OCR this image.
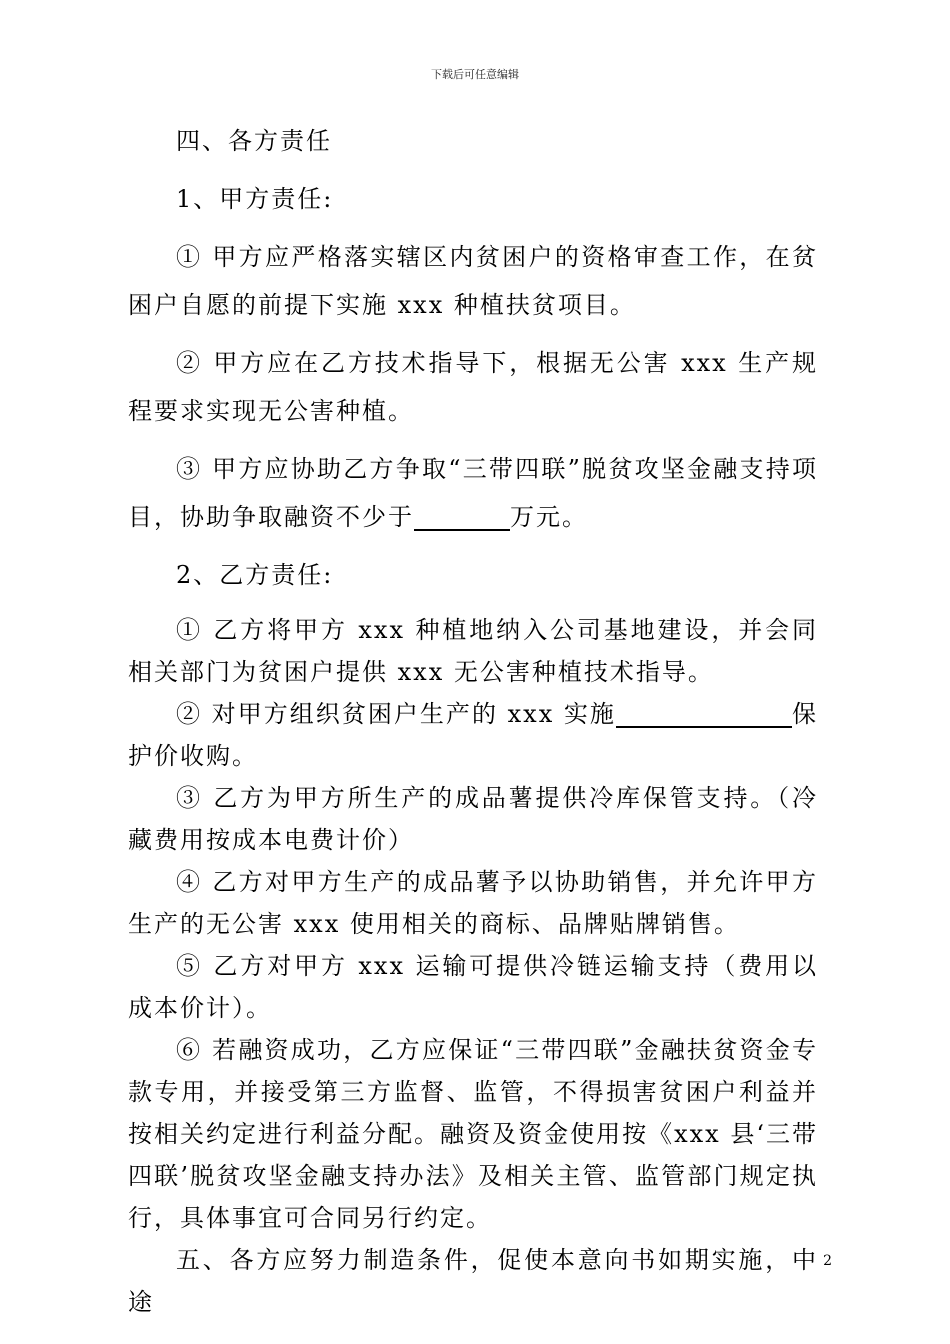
下载后可任意编辑

四、各方责任

1、甲方责任:

① 甲方应严格落实辖区内贫困户的资格审查工作，在贫困户自愿的前提下实施 xxx 种植扶贫项目。

② 甲方应在乙方技术指导下，根据无公害 xxx 生产规程要求实现无公害种植。

③ 甲方应协助乙方争取“三带四联”脱贫攻坚金融支持项目，协助争取融资不少于	万元。

2、乙方责任:

① 乙方将甲方 xxx 种植地纳入公司基地建设，并会同相关部门为贫困户提供 xxx 无公害种植技术指导。

② 对甲方组织贫困户生产的 xxx 实施	保护价收购。

③ 乙方为甲方所生产的成品薯提供冷库保管支持。（冷藏费用按成本电费计价）

④ 乙方对甲方生产的成品薯予以协助销售，并允许甲方生产的无公害 xxx 使用相关的商标、品牌贴牌销售。

⑤ 乙方对甲方 xxx 运输可提供冷链运输支持（费用以成本价计）。

⑥ 若融资成功，乙方应保证“三带四联”金融扶贫资金专款专用，并接受第三方监督、监管，不得损害贫困户利益并按相关约定进行利益分配。融资及资金使用按《xxx 县‘三带四联’脱贫攻坚金融支持办法》及相关主管、监管部门规定执行，具体事宜可合同另行约定。

五、各方应努力制造条件，促使本意向书如期实施，中途

2
